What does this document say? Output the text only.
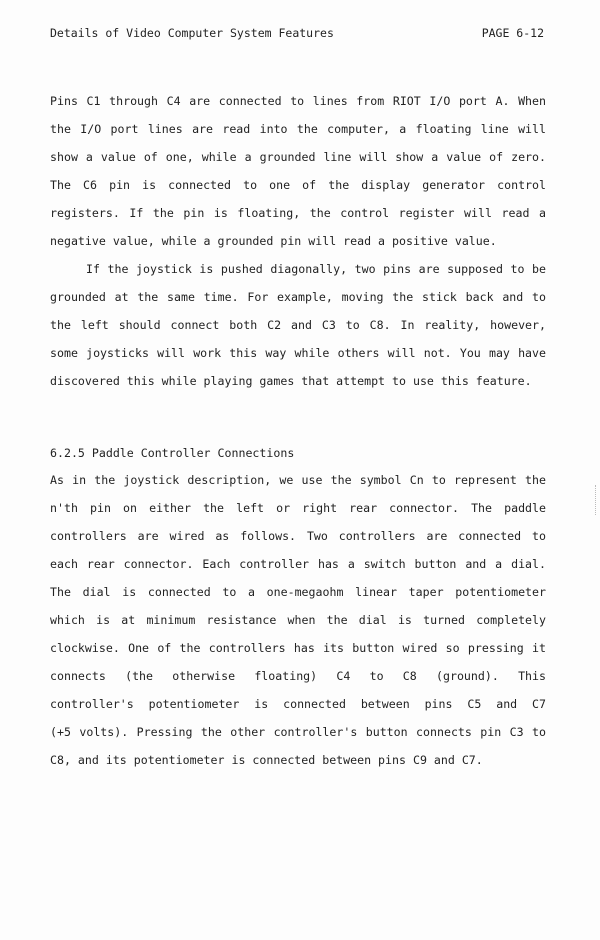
Details of Video Computer System Features	PAGE 6-12

Pins C1 through C4 are connected to lines from RIOT I/O port A. When
the I/O port lines are read into the computer, a floating line will
show a value of one, while a grounded line will show a value of zero.
The C6 pin is connected to one of the display generator control
registers. If the pin is floating, the control register will read a
negative value, while a grounded pin will read a positive value.

If the joystick is pushed diagonally, two pins are supposed to be
grounded at the same time. For example, moving the stick back and to
the left should connect both C2 and C3 to C8. In reality, however,
some joysticks will work this way while others will not. You may have
discovered this while playing games that attempt to use this feature.

6.2.5 Paddle Controller Connections

As in the joystick description, we use the symbol Cn to represent the
n'th pin on either the left or right rear connector. The paddle
controllers are wired as follows. Two controllers are connected to
each rear connector. Each controller has a switch button and a dial.
The dial is connected to a one-megaohm linear taper potentiometer
which is at minimum resistance when the dial is turned completely
clockwise. One of the controllers has its button wired so pressing it
connects (the otherwise floating) C4 to C8 (ground). This
controller's potentiometer is connected between pins C5 and C7
(+5 volts). Pressing the other controller's button connects pin C3 to
C8, and its potentiometer is connected between pins C9 and C7.
